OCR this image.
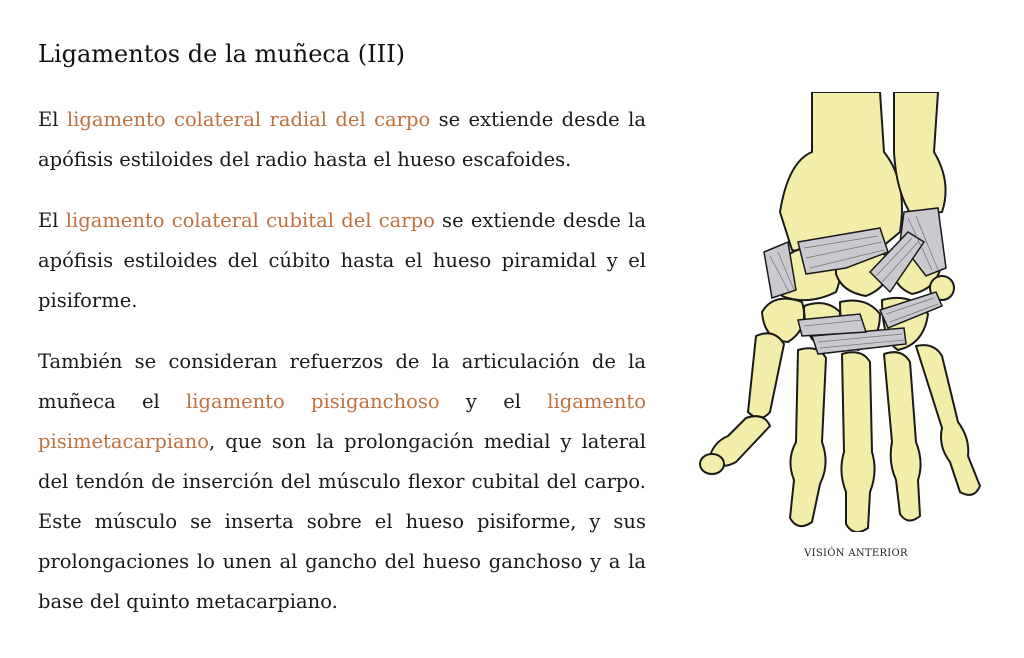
Ligamentos de la muñeca (III)

El ligamento colateral radial del carpo se extiende desde la apófisis estiloides del radio hasta el hueso escafoides.

El ligamento colateral cubital del carpo se extiende desde la apófisis estiloides del cúbito hasta el hueso piramidal y el pisiforme.

También se consideran refuerzos de la articulación de la muñeca el ligamento pisiganchoso y el ligamento pisimetacarpiano, que son la prolongación medial y lateral del tendón de inserción del músculo flexor cubital del carpo. Este músculo se inserta sobre el hueso pisiforme, y sus prolongaciones lo unen al gancho del hueso ganchoso y a la base del quinto metacarpiano.

VISIÓN ANTERIOR
